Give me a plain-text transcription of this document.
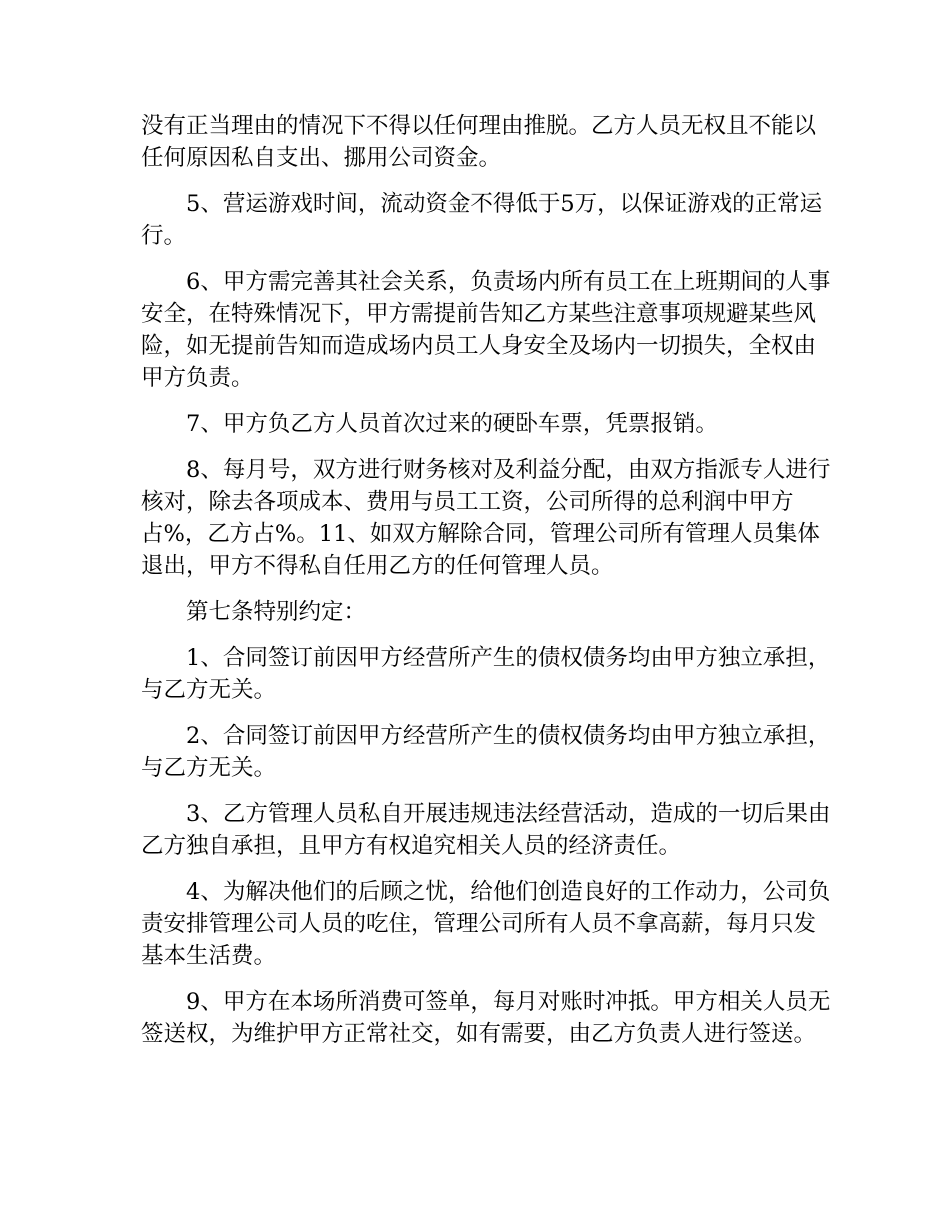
没有正当理由的情况下不得以任何理由推脱。乙方人员无权且不能以任何原因私自支出、挪用公司资金。

5、营运游戏时间，流动资金不得低于5万，以保证游戏的正常运行。

6、甲方需完善其社会关系，负责场内所有员工在上班期间的人事安全，在特殊情况下，甲方需提前告知乙方某些注意事项规避某些风险，如无提前告知而造成场内员工人身安全及场内一切损失，全权由甲方负责。

7、甲方负乙方人员首次过来的硬卧车票，凭票报销。

8、每月号，双方进行财务核对及利益分配，由双方指派专人进行核对，除去各项成本、费用与员工工资，公司所得的总利润中甲方占%，乙方占%。11、如双方解除合同，管理公司所有管理人员集体退出，甲方不得私自任用乙方的任何管理人员。

第七条特别约定：

1、合同签订前因甲方经营所产生的债权债务均由甲方独立承担，与乙方无关。

2、合同签订前因甲方经营所产生的债权债务均由甲方独立承担，与乙方无关。

3、乙方管理人员私自开展违规违法经营活动，造成的一切后果由乙方独自承担，且甲方有权追究相关人员的经济责任。

4、为解决他们的后顾之忧，给他们创造良好的工作动力，公司负责安排管理公司人员的吃住，管理公司所有人员不拿高薪，每月只发基本生活费。

9、甲方在本场所消费可签单，每月对账时冲抵。甲方相关人员无签送权，为维护甲方正常社交，如有需要，由乙方负责人进行签送。
